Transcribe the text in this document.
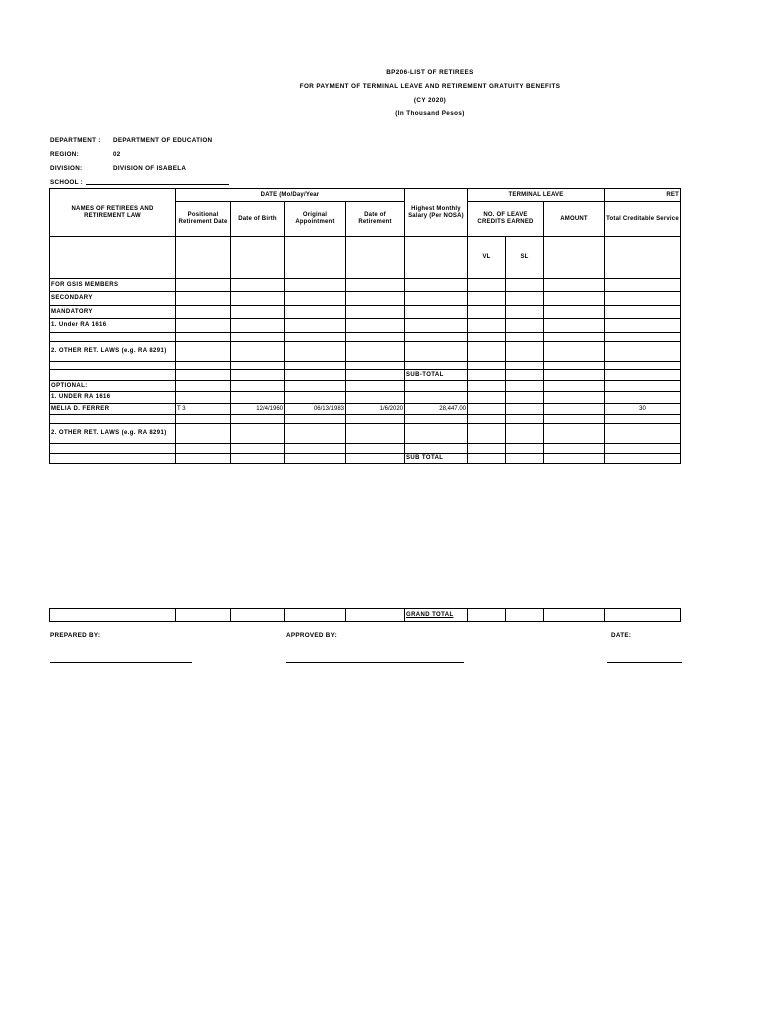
BP206-LIST OF RETIREES
FOR PAYMENT OF TERMINAL LEAVE AND RETIREMENT GRATUITY BENEFITS
(CY 2020)
(In Thousand Pesos)
DEPARTMENT : DEPARTMENT OF EDUCATION
REGION:	02
DIVISION:	DIVISION OF ISABELA
SCHOOL :
NAMES OF RETIREES AND RETIREMENT LAW	DATE (Mo/Day/Year				Highest Monthly Salary (Per NOSA)	TERMINAL LEAVE			RET
	Positional Retirement Date	Date of Birth	Original Appointment	Date of Retirement		NO. OF LEAVE CREDITS EARNED		AMOUNT	Total Creditable Service
						VL	SL		
FOR GSIS MEMBERS									
SECONDARY									
MANDATORY									
1. Under RA 1616									

2. OTHER RET. LAWS (e.g. RA 8291)									

					SUB-TOTAL				
OPTIONAL:									
1. UNDER RA 1616									
MELIA D. FERRER	T 3	12/4/1960	06/13/1983	1/6/2020	28,447.00				30

2. OTHER RET. LAWS (e.g. RA 8291)									

					SUB TOTAL				
					GRAND TOTAL				
PREPARED BY:	APPROVED BY:	DATE:
